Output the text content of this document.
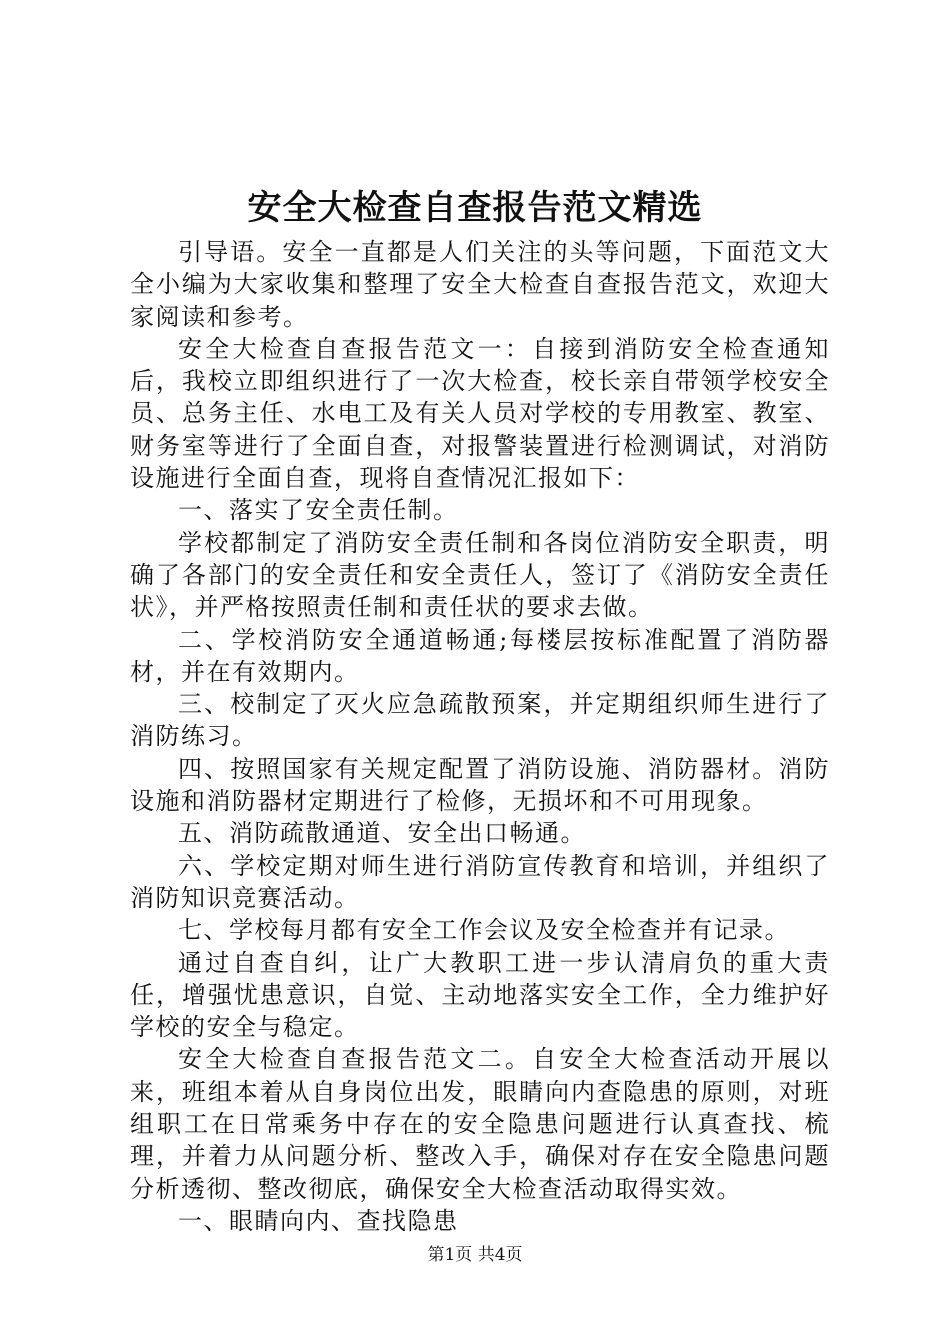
安全大检查自查报告范文精选

引导语。安全一直都是人们关注的头等问题，下面范文大全小编为大家收集和整理了安全大检查自查报告范文，欢迎大家阅读和参考。

安全大检查自查报告范文一：自接到消防安全检查通知后，我校立即组织进行了一次大检查，校长亲自带领学校安全员、总务主任、水电工及有关人员对学校的专用教室、教室、财务室等进行了全面自查，对报警装置进行检测调试，对消防设施进行全面自查，现将自查情况汇报如下：

一、落实了安全责任制。

学校都制定了消防安全责任制和各岗位消防安全职责，明确了各部门的安全责任和安全责任人，签订了《消防安全责任状》，并严格按照责任制和责任状的要求去做。

二、学校消防安全通道畅通;每楼层按标准配置了消防器材，并在有效期内。

三、校制定了灭火应急疏散预案，并定期组织师生进行了消防练习。

四、按照国家有关规定配置了消防设施、消防器材。消防设施和消防器材定期进行了检修，无损坏和不可用现象。

五、消防疏散通道、安全出口畅通。

六、学校定期对师生进行消防宣传教育和培训，并组织了消防知识竞赛活动。

七、学校每月都有安全工作会议及安全检查并有记录。

通过自查自纠，让广大教职工进一步认清肩负的重大责任，增强忧患意识，自觉、主动地落实安全工作，全力维护好学校的安全与稳定。

安全大检查自查报告范文二。自安全大检查活动开展以来，班组本着从自身岗位出发，眼睛向内查隐患的原则，对班组职工在日常乘务中存在的安全隐患问题进行认真查找、梳理，并着力从问题分析、整改入手，确保对存在安全隐患问题分析透彻、整改彻底，确保安全大检查活动取得实效。

一、眼睛向内、查找隐患

第1页 共4页
